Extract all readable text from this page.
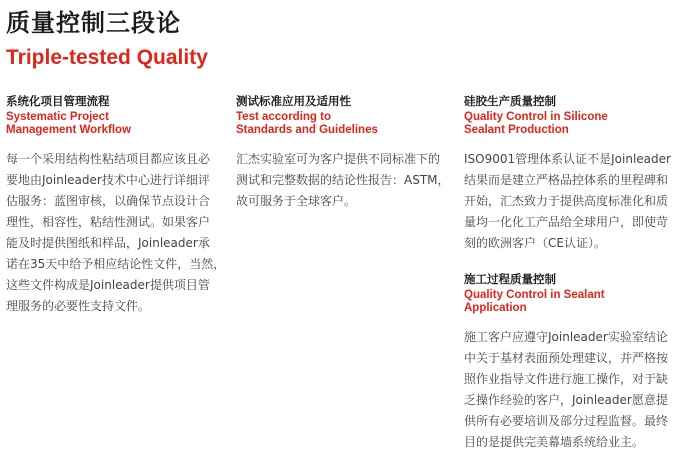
质量控制三段论
Triple-tested Quality
系统化项目管理流程
Systematic Project
Management Workflow
每一个采用结构性粘结项目都应该且必
要地由Joinleader技术中心进行详细评
估服务：蓝图审核，以确保节点设计合
理性，相容性，粘结性测试。如果客户
能及时提供图纸和样品，Joinleader承
诺在35天中给予相应结论性文件，当然，
这些文件构成是Joinleader提供项目管
理服务的必要性支持文件。
测试标准应用及适用性
Test according to
Standards and Guidelines
汇杰实验室可为客户提供不同标准下的
测试和完整数据的结论性报告：ASTM，
故可服务于全球客户。
硅胶生产质量控制
Quality Control in Silicone
Sealant Production
ISO9001管理体系认证不是Joinleader
结果而是建立严格品控体系的里程碑和
开始，汇杰致力于提供高度标准化和质
量均一化化工产品给全球用户，即使苛
刻的欧洲客户（CE认证）。
施工过程质量控制
Quality Control in Sealant
Application
施工客户应遵守Joinleader实验室结论
中关于基材表面预处理建议，并严格按
照作业指导文件进行施工操作，对于缺
乏操作经验的客户，Joinleader愿意提
供所有必要培训及部分过程监督。最终
目的是提供完美幕墙系统给业主。
